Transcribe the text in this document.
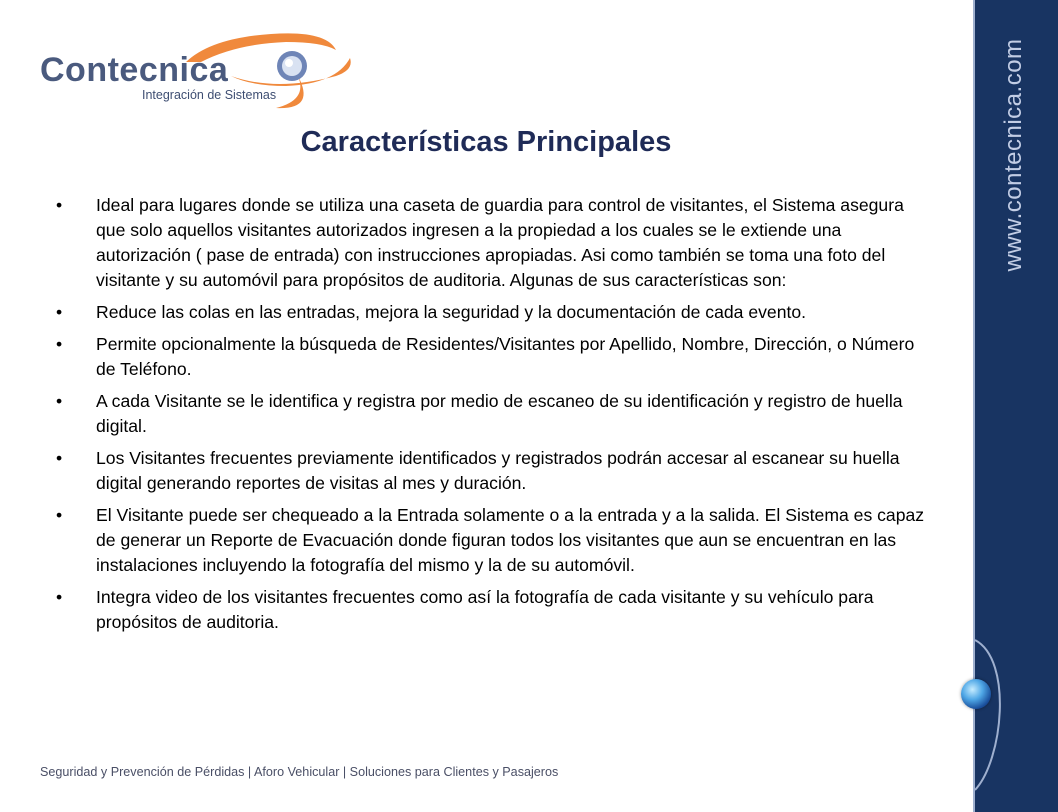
Contecnica
Integración de Sistemas
Características Principales
• Ideal para lugares donde se utiliza una caseta de guardia para control de visitantes, el Sistema asegura que solo aquellos visitantes autorizados ingresen a la propiedad a los cuales se le extiende una autorización ( pase de entrada) con instrucciones apropiadas. Asi como también se toma una foto del visitante y su automóvil para propósitos de auditoria. Algunas de sus características son:
• Reduce las colas en las entradas, mejora la seguridad y la documentación de cada evento.
• Permite opcionalmente la búsqueda de Residentes/Visitantes por Apellido, Nombre, Dirección, o Número de Teléfono.
• A cada Visitante se le identifica y registra por medio de escaneo de su identificación y registro de huella digital.
• Los Visitantes frecuentes previamente identificados y registrados podrán accesar al escanear su huella digital generando reportes de visitas al mes y duración.
• El Visitante puede ser chequeado a la Entrada solamente o a la entrada y a la salida. El Sistema es capaz de generar un Reporte de Evacuación donde figuran todos los visitantes que aun se encuentran en las instalaciones incluyendo la fotografía del mismo y la de su automóvil.
• Integra video de los visitantes frecuentes como así la fotografía de cada visitante y su vehículo para propósitos de auditoria.
Seguridad y Prevención de Pérdidas | Aforo Vehicular | Soluciones para Clientes y Pasajeros
www.contecnica.com
